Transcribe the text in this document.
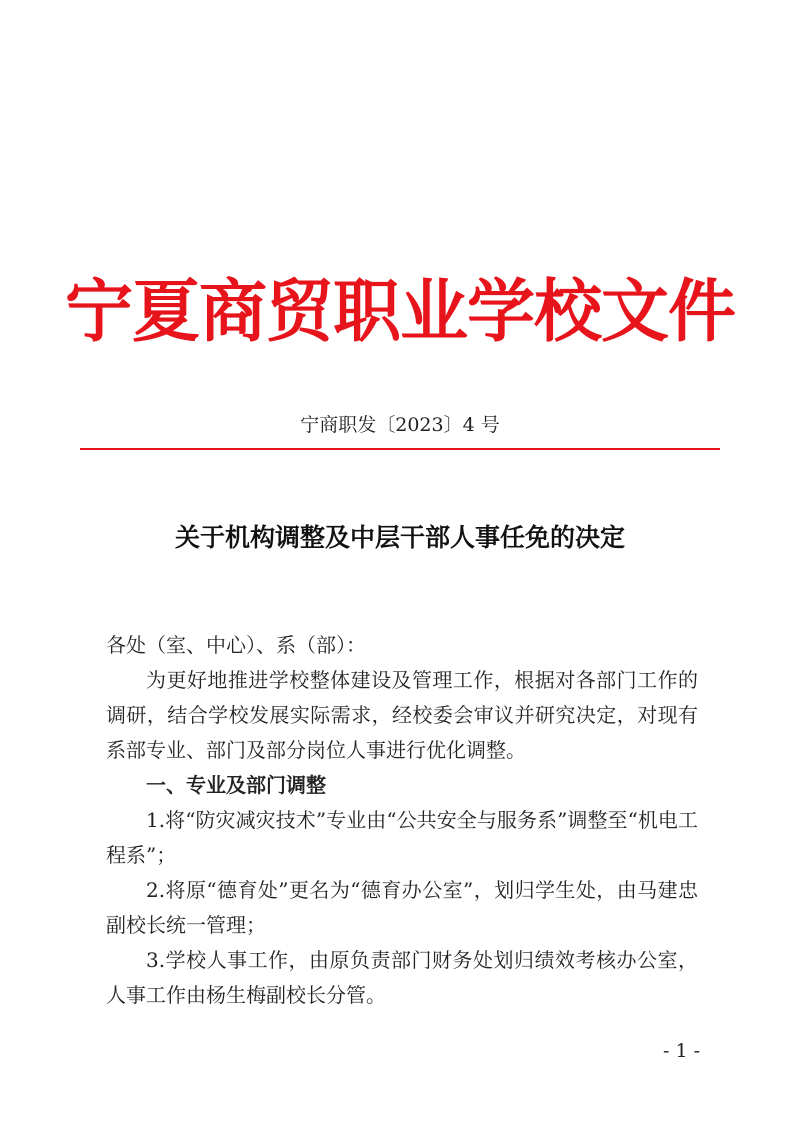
宁夏商贸职业学校文件
宁商职发〔2023〕4 号
关于机构调整及中层干部人事任免的决定

各处（室、中心）、系（部）：

为更好地推进学校整体建设及管理工作，根据对各部门工作的调研，结合学校发展实际需求，经校委会审议并研究决定，对现有系部专业、部门及部分岗位人事进行优化调整。

一、专业及部门调整

1.将“防灾减灾技术”专业由“公共安全与服务系”调整至“机电工程系”；

2.将原“德育处”更名为“德育办公室”，划归学生处，由马建忠副校长统一管理；

3.学校人事工作，由原负责部门财务处划归绩效考核办公室，人事工作由杨生梅副校长分管。

- 1 -
